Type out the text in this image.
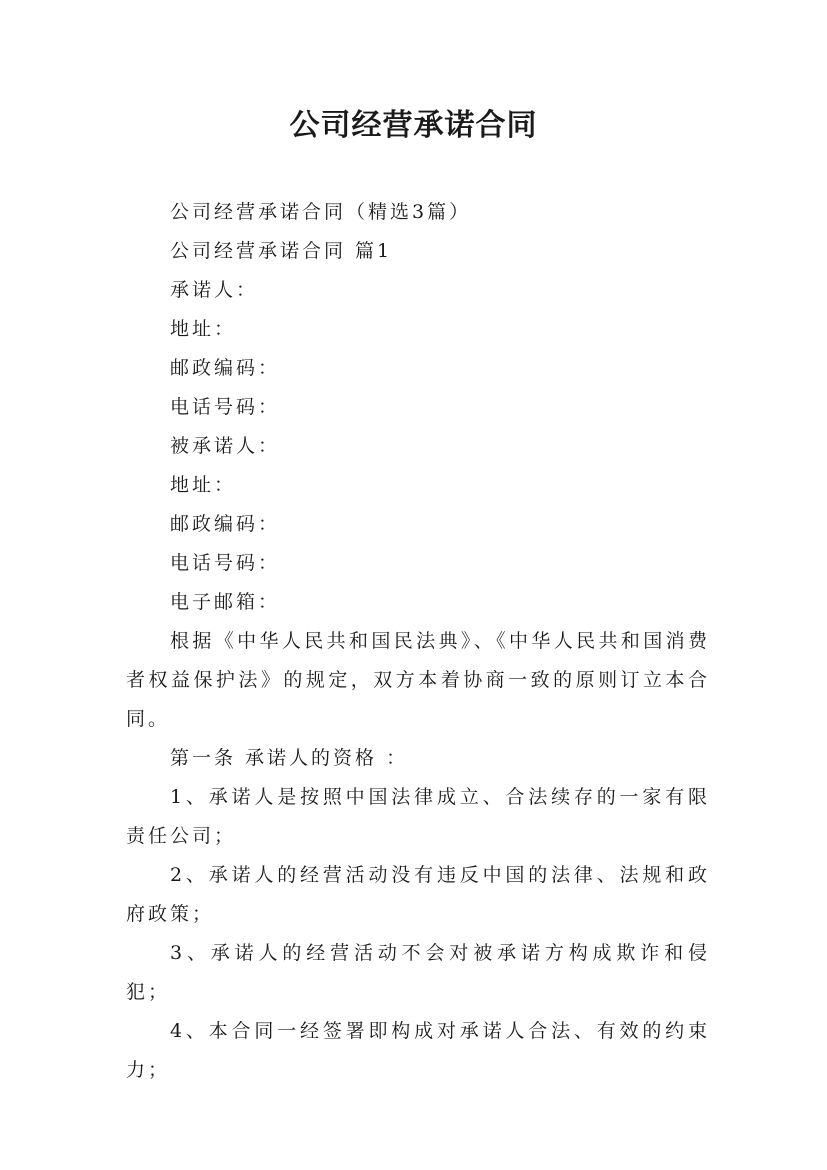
公司经营承诺合同

公司经营承诺合同（精选3篇）

公司经营承诺合同 篇1

承诺人：

地址：

邮政编码：

电话号码：

被承诺人：

地址：

邮政编码：

电话号码：

电子邮箱：

根据《中华人民共和国民法典》、《中华人民共和国消费者权益保护法》的规定，双方本着协商一致的原则订立本合同。

第一条 承诺人的资格 ：

1、承诺人是按照中国法律成立、合法续存的一家有限责任公司；

2、承诺人的经营活动没有违反中国的法律、法规和政府政策；

3、承诺人的经营活动不会对被承诺方构成欺诈和侵犯；

4、本合同一经签署即构成对承诺人合法、有效的约束力；
